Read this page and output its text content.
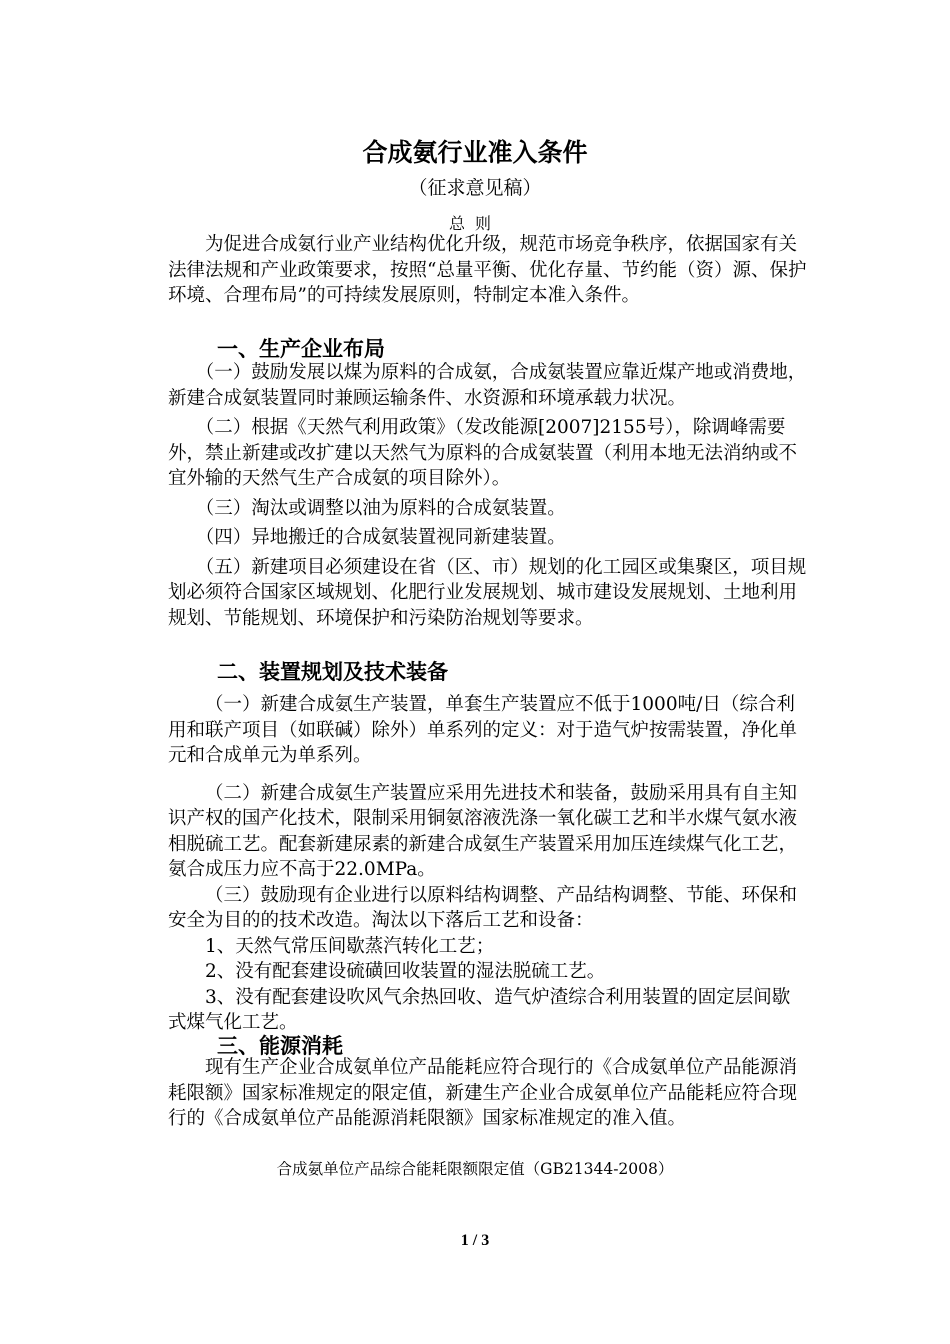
合成氨行业准入条件
（征求意见稿）
总则

为促进合成氨行业产业结构优化升级，规范市场竞争秩序，依据国家有关法律法规和产业政策要求，按照“总量平衡、优化存量、节约能（资）源、保护环境、合理布局”的可持续发展原则，特制定本准入条件。

一、生产企业布局

（一）鼓励发展以煤为原料的合成氨，合成氨装置应靠近煤产地或消费地，新建合成氨装置同时兼顾运输条件、水资源和环境承载力状况。

（二）根据《天然气利用政策》（发改能源[2007]2155号），除调峰需要外，禁止新建或改扩建以天然气为原料的合成氨装置（利用本地无法消纳或不宜外输的天然气生产合成氨的项目除外）。

（三）淘汰或调整以油为原料的合成氨装置。

（四）异地搬迁的合成氨装置视同新建装置。

（五）新建项目必须建设在省（区、市）规划的化工园区或集聚区，项目规划必须符合国家区域规划、化肥行业发展规划、城市建设发展规划、土地利用规划、节能规划、环境保护和污染防治规划等要求。

二、装置规划及技术装备

（一）新建合成氨生产装置，单套生产装置应不低于1000吨/日（综合利用和联产项目（如联碱）除外）单系列的定义：对于造气炉按需装置，净化单元和合成单元为单系列。

（二）新建合成氨生产装置应采用先进技术和装备，鼓励采用具有自主知识产权的国产化技术，限制采用铜氨溶液洗涤一氧化碳工艺和半水煤气氨水液相脱硫工艺。配套新建尿素的新建合成氨生产装置采用加压连续煤气化工艺，氨合成压力应不高于22.0MPa。

（三）鼓励现有企业进行以原料结构调整、产品结构调整、节能、环保和安全为目的的技术改造。淘汰以下落后工艺和设备：

1、天然气常压间歇蒸汽转化工艺；

2、没有配套建设硫磺回收装置的湿法脱硫工艺。

3、没有配套建设吹风气余热回收、造气炉渣综合利用装置的固定层间歇式煤气化工艺。

三、能源消耗

现有生产企业合成氨单位产品能耗应符合现行的《合成氨单位产品能源消耗限额》国家标准规定的限定值，新建生产企业合成氨单位产品能耗应符合现行的《合成氨单位产品能源消耗限额》国家标准规定的准入值。

合成氨单位产品综合能耗限额限定值（GB21344-2008）
1 / 3
